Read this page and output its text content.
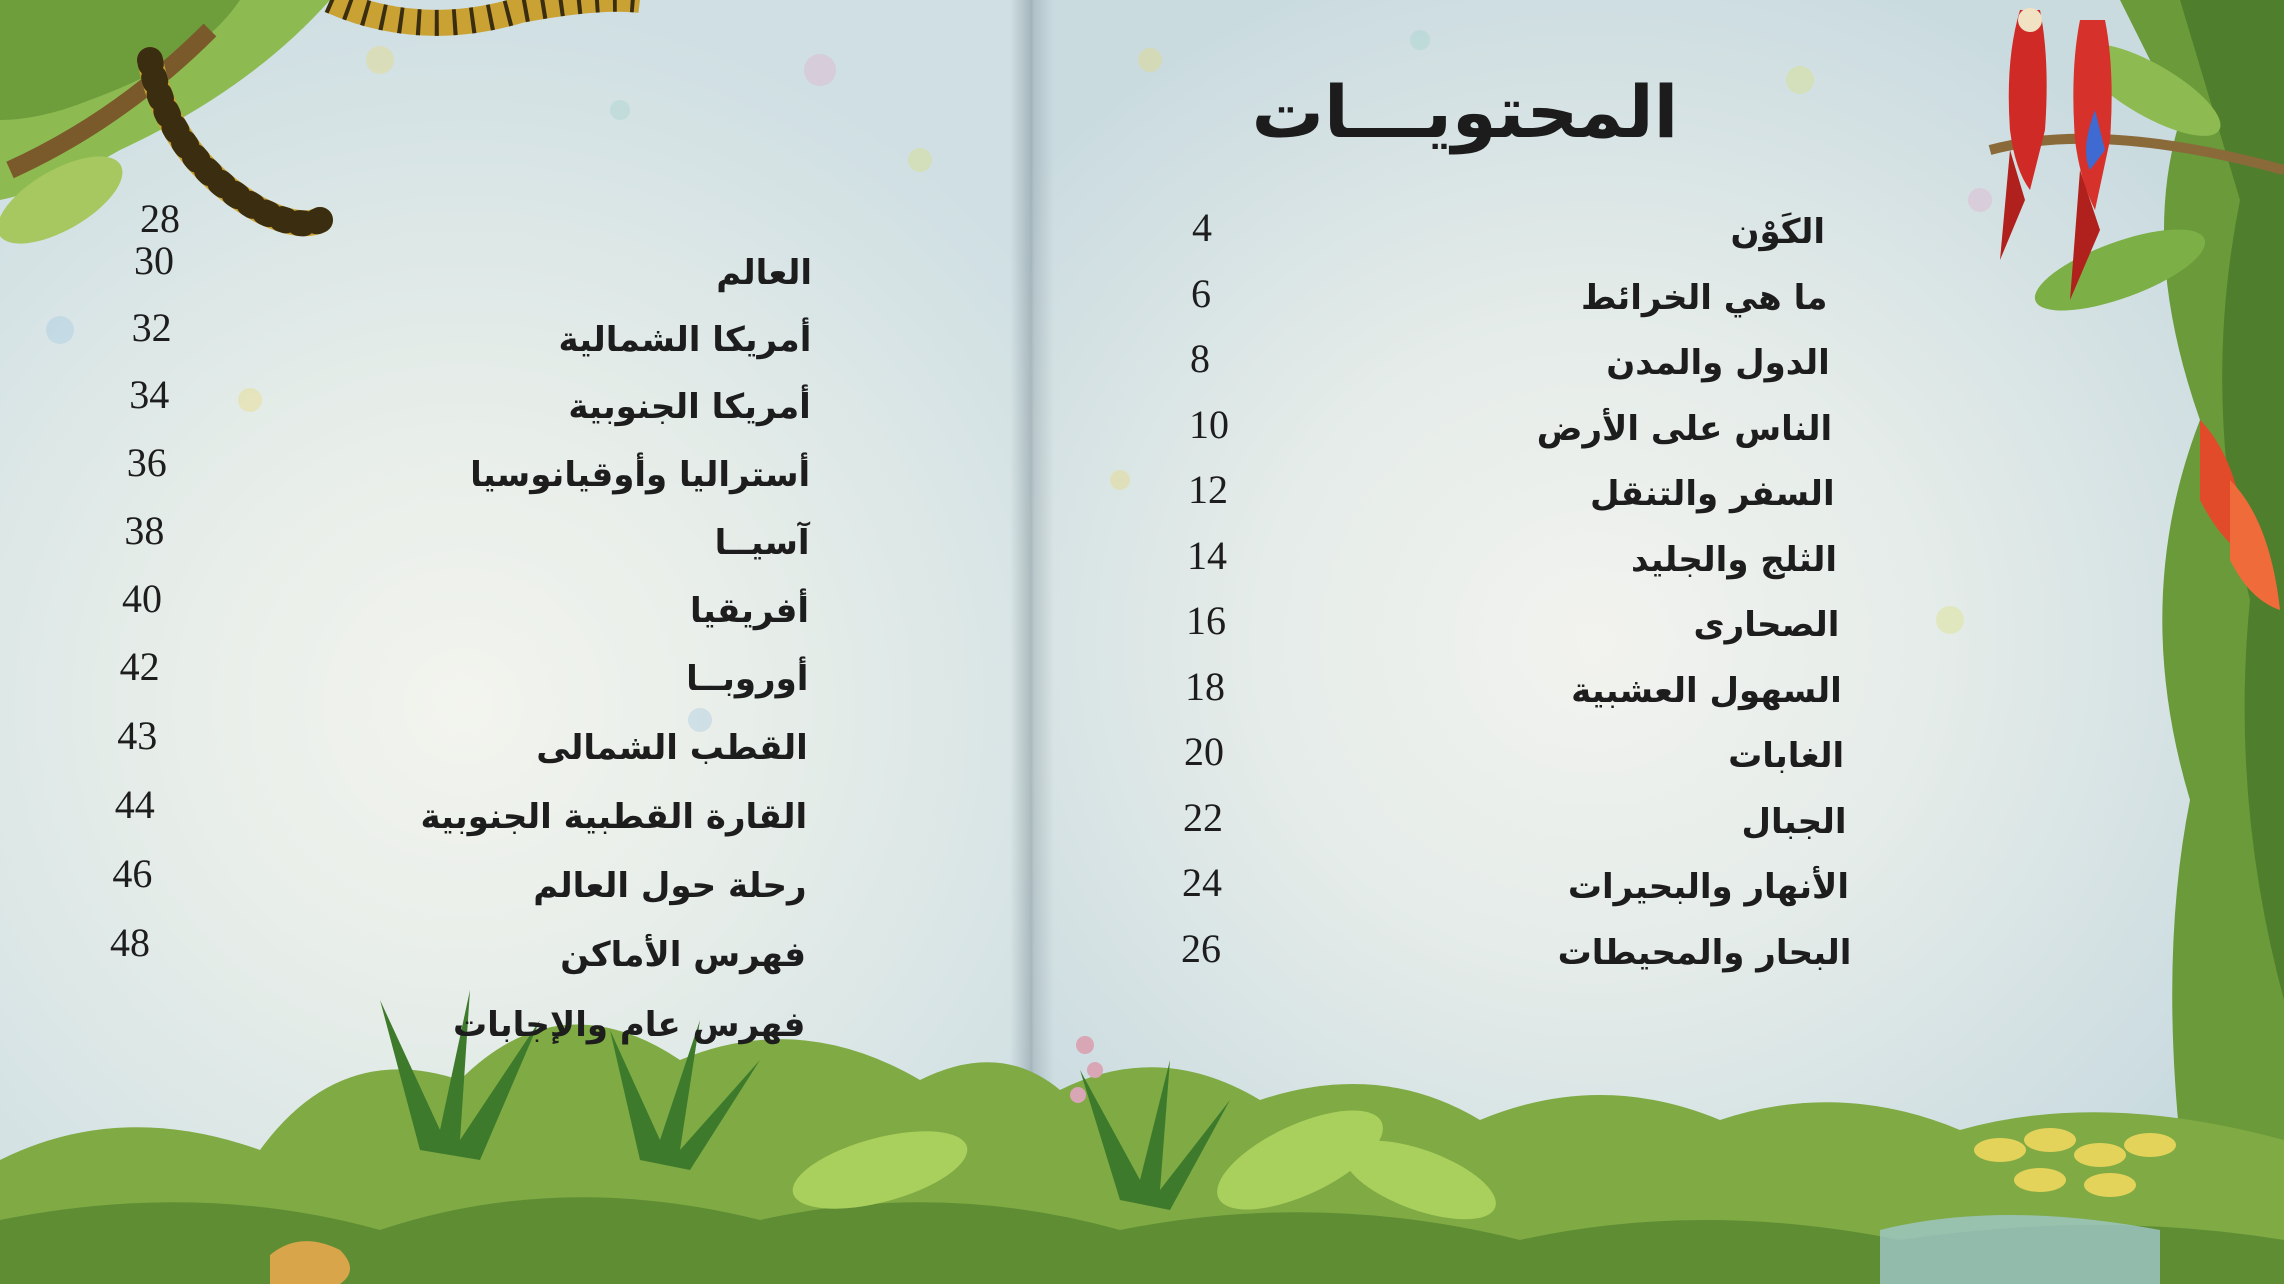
المحتويـــات
الكَوْن
4
ما هي الخرائط
6
الدول والمدن
8
الناس على الأرض
10
السفر والتنقل
12
الثلج والجليد
14
الصحارى
16
السهول العشبية
18
الغابات
20
الجبال
22
الأنهار والبحيرات
24
البحار والمحيطات
26
28
العالم
30
أمريكا الشمالية
32
أمريكا الجنوبية
34
أستراليا وأوقيانوسيا
36
آسيــا
38
أفريقيا
40
أوروبــا
42
القطب الشمالى
43
القارة القطبية الجنوبية
44
رحلة حول العالم
46
فهرس الأماكن
48
فهرس عام والإجابات
